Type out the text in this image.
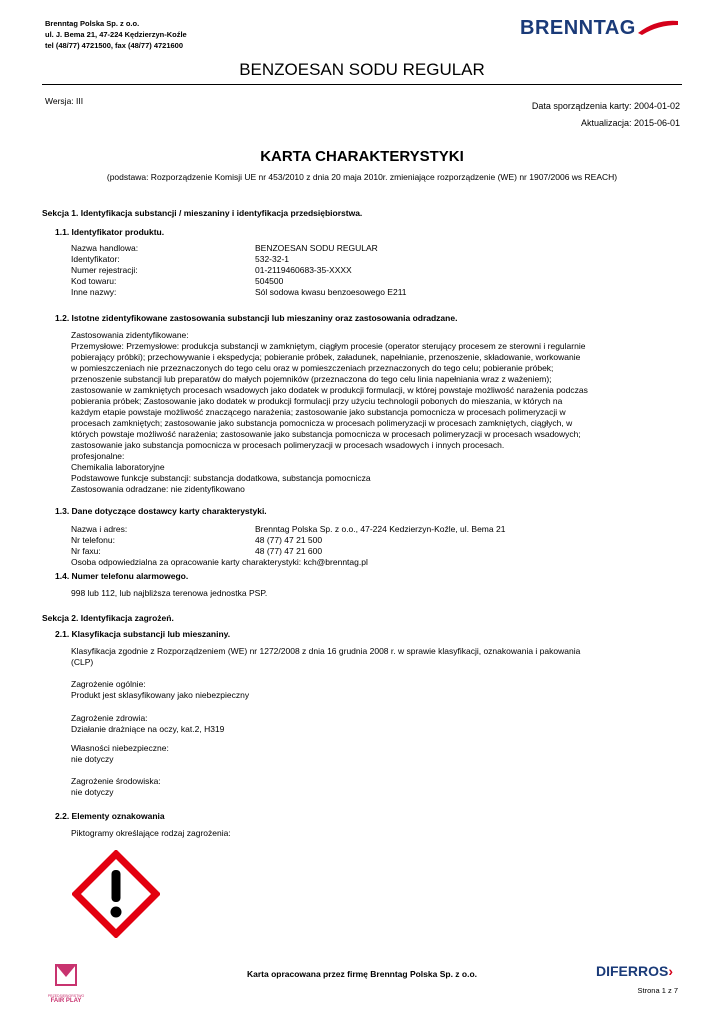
Brenntag Polska Sp. z o.o.
ul. J. Bema 21, 47-224 Kędzierzyn-Koźle
tel (48/77) 4721500, fax (48/77) 4721600
BRENNTAG
BENZOESAN SODU REGULAR
Wersja: III	Data sporządzenia karty: 2004-01-02
Aktualizacja: 2015-06-01
KARTA CHARAKTERYSTYKI
(podstawa: Rozporządzenie Komisji UE nr 453/2010 z dnia 20 maja 2010r. zmieniające rozporządzenie (WE) nr 1907/2006 ws REACH)
Sekcja 1. Identyfikacja substancji / mieszaniny i identyfikacja przedsiębiorstwa.
1.1. Identyfikator produktu.
Nazwa handlowa:	BENZOESAN SODU REGULAR
Identyfikator:	532-32-1
Numer rejestracji:	01-2119460683-35-XXXX
Kod towaru:	504500
Inne nazwy:	Sól sodowa kwasu benzoesowego E211
1.2. Istotne zidentyfikowane zastosowania substancji lub mieszaniny oraz zastosowania odradzane.
Zastosowania zidentyfikowane:
Przemysłowe: Przemysłowe: produkcja substancji w zamkniętym, ciągłym procesie (operator sterujący procesem ze sterowni i regularnie
pobierający próbki); przechowywanie i ekspedycja; pobieranie próbek, załadunek, napełnianie, przenoszenie, składowanie, workowanie
w pomieszczeniach nie przeznaczonych do tego celu oraz w pomieszczeniach przeznaczonych do tego celu; pobieranie próbek;
przenoszenie substancji lub preparatów do małych pojemników (przeznaczona do tego celu linia napełniania wraz z ważeniem);
zastosowanie w zamkniętych procesach wsadowych jako dodatek w produkcji formulacji, w której powstaje możliwość narażenia podczas
pobierania próbek; Zastosowanie jako dodatek w produkcji formulacji przy użyciu technologii pobonych do mieszania, w których na
każdym etapie powstaje możliwość znaczącego narażenia; zastosowanie jako substancja pomocnicza w procesach polimeryzacji w
procesach zamkniętych; zastosowanie jako substancja pomocnicza w procesach polimeryzacji w procesach zamkniętych, ciągłych, w
których powstaje możliwość narażenia; zastosowanie jako substancja pomocnicza w procesach polimeryzacji w procesach wsadowych;
zastosowanie jako substancja pomocnicza w procesach polimeryzacji w procesach wsadowych i innych procesach.
profesjonalne:
Chemikalia laboratoryjne
Podstawowe funkcje substancji: substancja dodatkowa, substancja pomocnicza
Zastosowania odradzane: nie zidentyfikowano
1.3. Dane dotyczące dostawcy karty charakterystyki.
Nazwa i adres:	Brenntag Polska Sp. z o.o., 47-224 Kedzierzyn-Koźle, ul. Bema 21
Nr telefonu:	48 (77) 47 21 500
Nr faxu:	48 (77) 47 21 600
Osoba odpowiedzialna za opracowanie karty charakterystyki: kch@brenntag.pl
1.4. Numer telefonu alarmowego.
998 lub 112, lub najbliższa terenowa jednostka PSP.
Sekcja 2. Identyfikacja zagrożeń.
2.1. Klasyfikacja substancji lub mieszaniny.
Klasyfikacja zgodnie z Rozporządzeniem (WE) nr 1272/2008 z dnia 16 grudnia 2008 r. w sprawie klasyfikacji, oznakowania i pakowania
(CLP)
Zagrożenie ogólnie:
Produkt jest sklasyfikowany jako niebezpieczny
Zagrożenie zdrowia:
Działanie drażniące na oczy, kat.2, H319
Własności niebezpieczne:
nie dotyczy
Zagrożenie środowiska:
nie dotyczy
2.2. Elementy oznakowania
Piktogramy określające rodzaj zagrożenia:
PRZEDSIĘBIORSTWO
FAIR PLAY
Karta opracowana przez firmę Brenntag Polska Sp. z o.o.	DIFERROS›
Strona 1 z 7
